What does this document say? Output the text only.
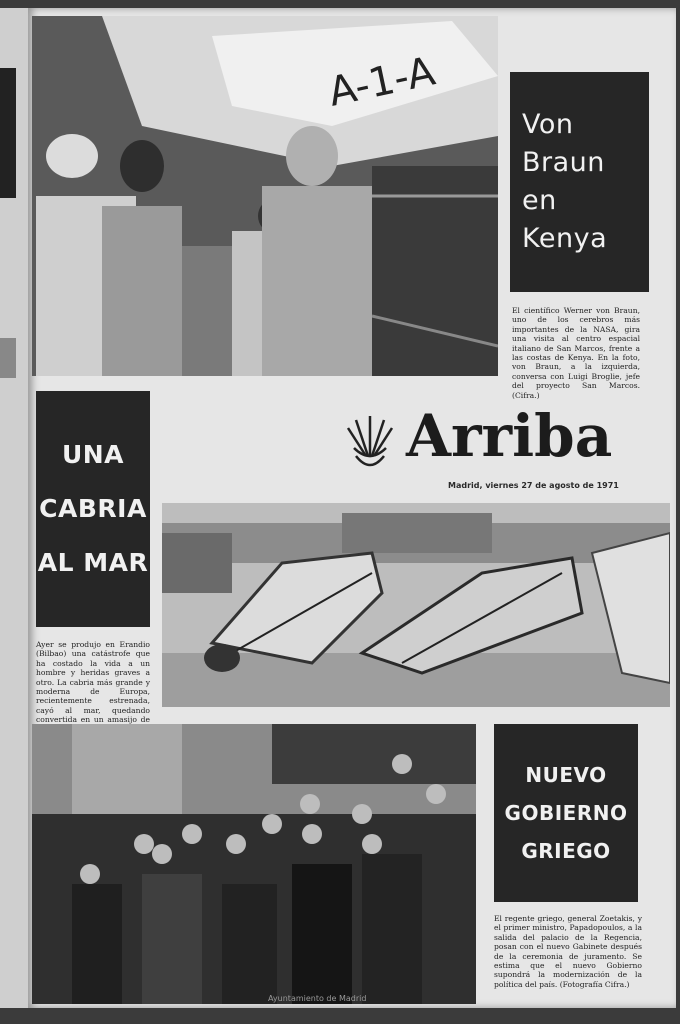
A-1-A
Von Braun
en
Kenya
El científico Werner von Braun, uno de los cerebros más importantes de la NASA, gira una visita al centro espacial italiano de San Marcos, frente a las costas de Kenya. En la foto, von Braun, a la izquierda, conversa con Luigi Broglie, jefe del proyecto San Marcos. (Cifra.)
UNA
CABRIA
AL MAR
Ayer se produjo en Erandio (Bilbao) una catástrofe que ha costado la vida a un hombre y heridas graves a otro. La cabria más grande y moderna de Europa, recientemente estrenada, cayó al mar, quedando convertida en un amasijo de
Arriba
Madrid, viernes 27 de agosto de 1971
NUEVO
GOBIERNO
GRIEGO
El regente griego, general Zoetakis, y el primer ministro, Papadopoulos, a la salida del palacio de la Regencia, posan con el nuevo Gabinete después de la ceremonia de juramento. Se estima que el nuevo Gobierno supondrá la modernización de la política del país. (Fotografía Cifra.)
Ayuntamiento de Madrid
